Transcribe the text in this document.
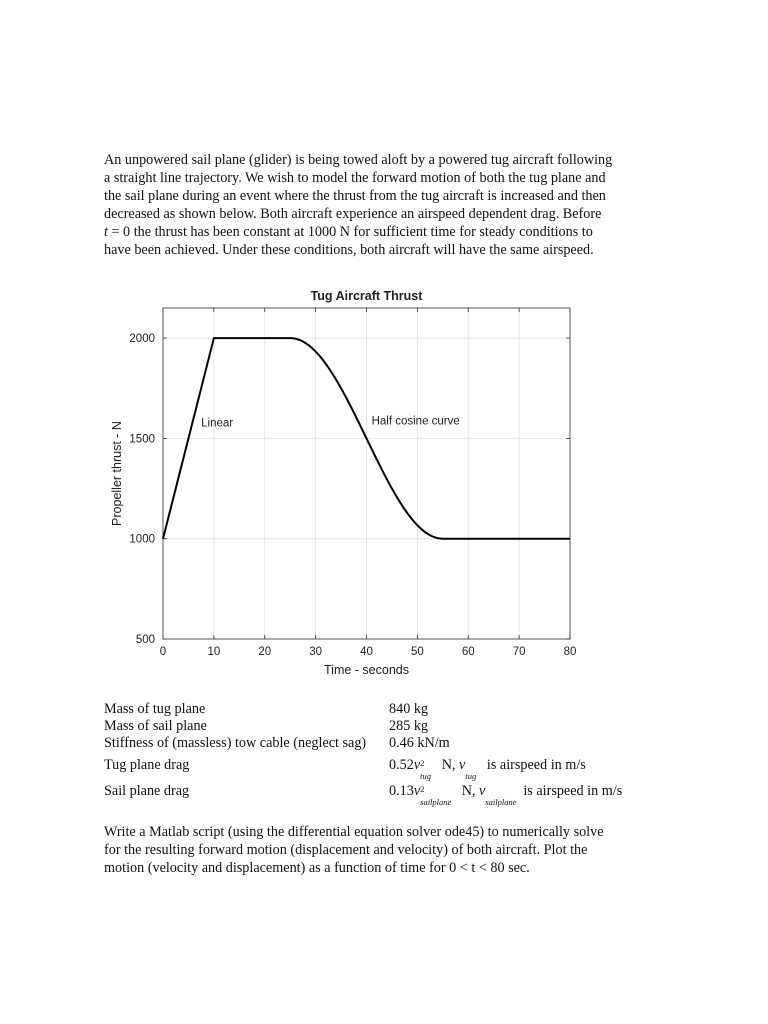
An unpowered sail plane (glider) is being towed aloft by a powered tug aircraft following
a straight line trajectory. We wish to model the forward motion of both the tug plane and
the sail plane during an event where the thrust from the tug aircraft is increased and then
decreased as shown below. Both aircraft experience an airspeed dependent drag. Before
t = 0 the thrust has been constant at 1000 N for sufficient time for steady conditions to
have been achieved. Under these conditions, both aircraft will have the same airspeed.

0	10	20	30	40	50	60	70	80
500
1000
1500
2000
Tug Aircraft Thrust
Time - seconds
Propeller thrust - N	Linear	Half cosine curve
Mass of tug plane	840 kg
Mass of sail plane	285 kg
Stiffness of (massless) tow cable (neglect sag) 0.46 kN/m
Tug plane drag	0.52v 2
tug
N, v
tug
is airspeed in m/s
Sail plane drag	0.13v 2
sailplane
N, v
sailplane
is airspeed in m/s

Write a Matlab script (using the differential equation solver ode45) to numerically solve
for the resulting forward motion (displacement and velocity) of both aircraft. Plot the
motion (velocity and displacement) as a function of time for 0 < t < 80 sec.
